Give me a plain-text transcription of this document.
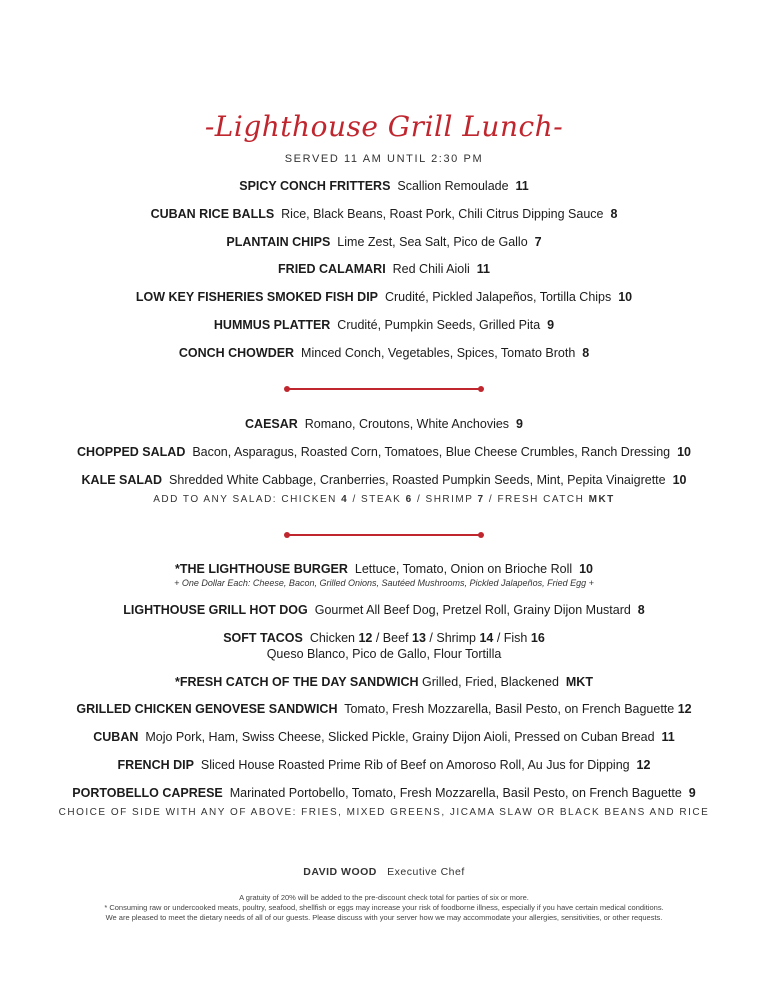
-Lighthouse Grill Lunch-
SERVED 11 AM UNTIL 2:30 PM
SPICY CONCH FRITTERS Scallion Remoulade 11
CUBAN RICE BALLS Rice, Black Beans, Roast Pork, Chili Citrus Dipping Sauce 8
PLANTAIN CHIPS Lime Zest, Sea Salt, Pico de Gallo 7
FRIED CALAMARI Red Chili Aioli 11
LOW KEY FISHERIES SMOKED FISH DIP Crudité, Pickled Jalapeños, Tortilla Chips 10
HUMMUS PLATTER Crudité, Pumpkin Seeds, Grilled Pita 9
CONCH CHOWDER Minced Conch, Vegetables, Spices, Tomato Broth 8
CAESAR Romano, Croutons, White Anchovies 9
CHOPPED SALAD Bacon, Asparagus, Roasted Corn, Tomatoes, Blue Cheese Crumbles, Ranch Dressing 10
KALE SALAD Shredded White Cabbage, Cranberries, Roasted Pumpkin Seeds, Mint, Pepita Vinaigrette 10
ADD TO ANY SALAD: CHICKEN 4 / STEAK 6 / SHRIMP 7 / FRESH CATCH MKT
*THE LIGHTHOUSE BURGER Lettuce, Tomato, Onion on Brioche Roll 10
+ One Dollar Each: Cheese, Bacon, Grilled Onions, Sautéed Mushrooms, Pickled Jalapeños, Fried Egg +
LIGHTHOUSE GRILL HOT DOG Gourmet All Beef Dog, Pretzel Roll, Grainy Dijon Mustard 8
SOFT TACOS Chicken 12 / Beef 13 / Shrimp 14 / Fish 16
Queso Blanco, Pico de Gallo, Flour Tortilla
*FRESH CATCH OF THE DAY SANDWICH Grilled, Fried, Blackened MKT
GRILLED CHICKEN GENOVESE SANDWICH Tomato, Fresh Mozzarella, Basil Pesto, on French Baguette 12
CUBAN Mojo Pork, Ham, Swiss Cheese, Slicked Pickle, Grainy Dijon Aioli, Pressed on Cuban Bread 11
FRENCH DIP Sliced House Roasted Prime Rib of Beef on Amoroso Roll, Au Jus for Dipping 12
PORTOBELLO CAPRESE Marinated Portobello, Tomato, Fresh Mozzarella, Basil Pesto, on French Baguette 9
CHOICE OF SIDE WITH ANY OF ABOVE: FRIES, MIXED GREENS, JICAMA SLAW OR BLACK BEANS AND RICE
DAVID WOOD Executive Chef
A gratuity of 20% will be added to the pre-discount check total for parties of six or more.
* Consuming raw or undercooked meats, poultry, seafood, shellfish or eggs may increase your risk of foodborne illness, especially if you have certain medical conditions.
We are pleased to meet the dietary needs of all of our guests. Please discuss with your server how we may accommodate your allergies, sensitivities, or other requests.
